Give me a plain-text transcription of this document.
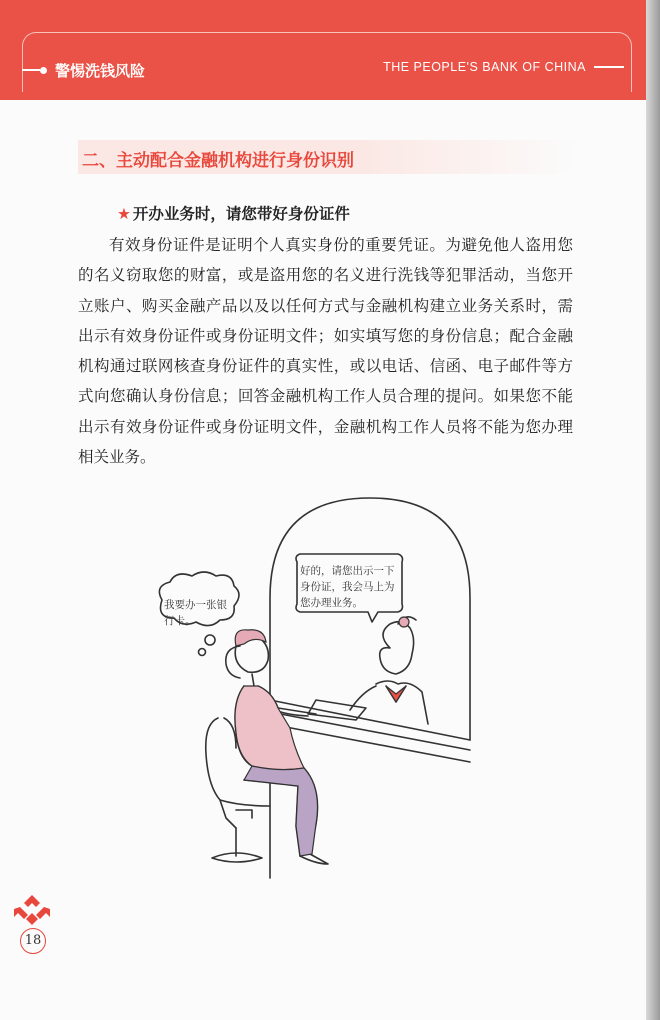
警惕洗钱风险	THE PEOPLE'S BANK OF CHINA
二、主动配合金融机构进行身份识别
★ 开办业务时，请您带好身份证件

有效身份证件是证明个人真实身份的重要凭证。为避免他人盗用您的名义窃取您的财富，或是盗用您的名义进行洗钱等犯罪活动，当您开立账户、购买金融产品以及以任何方式与金融机构建立业务关系时，需出示有效身份证件或身份证明文件；如实填写您的身份信息；配合金融机构通过联网核查身份证件的真实性，或以电话、信函、电子邮件等方式向您确认身份信息；回答金融机构工作人员合理的提问。如果您不能出示有效身份证件或身份证明文件，金融机构工作人员将不能为您办理相关业务。

我要办一张银行卡。
好的，请您出示一下身份证，我会马上为您办理业务。
18
